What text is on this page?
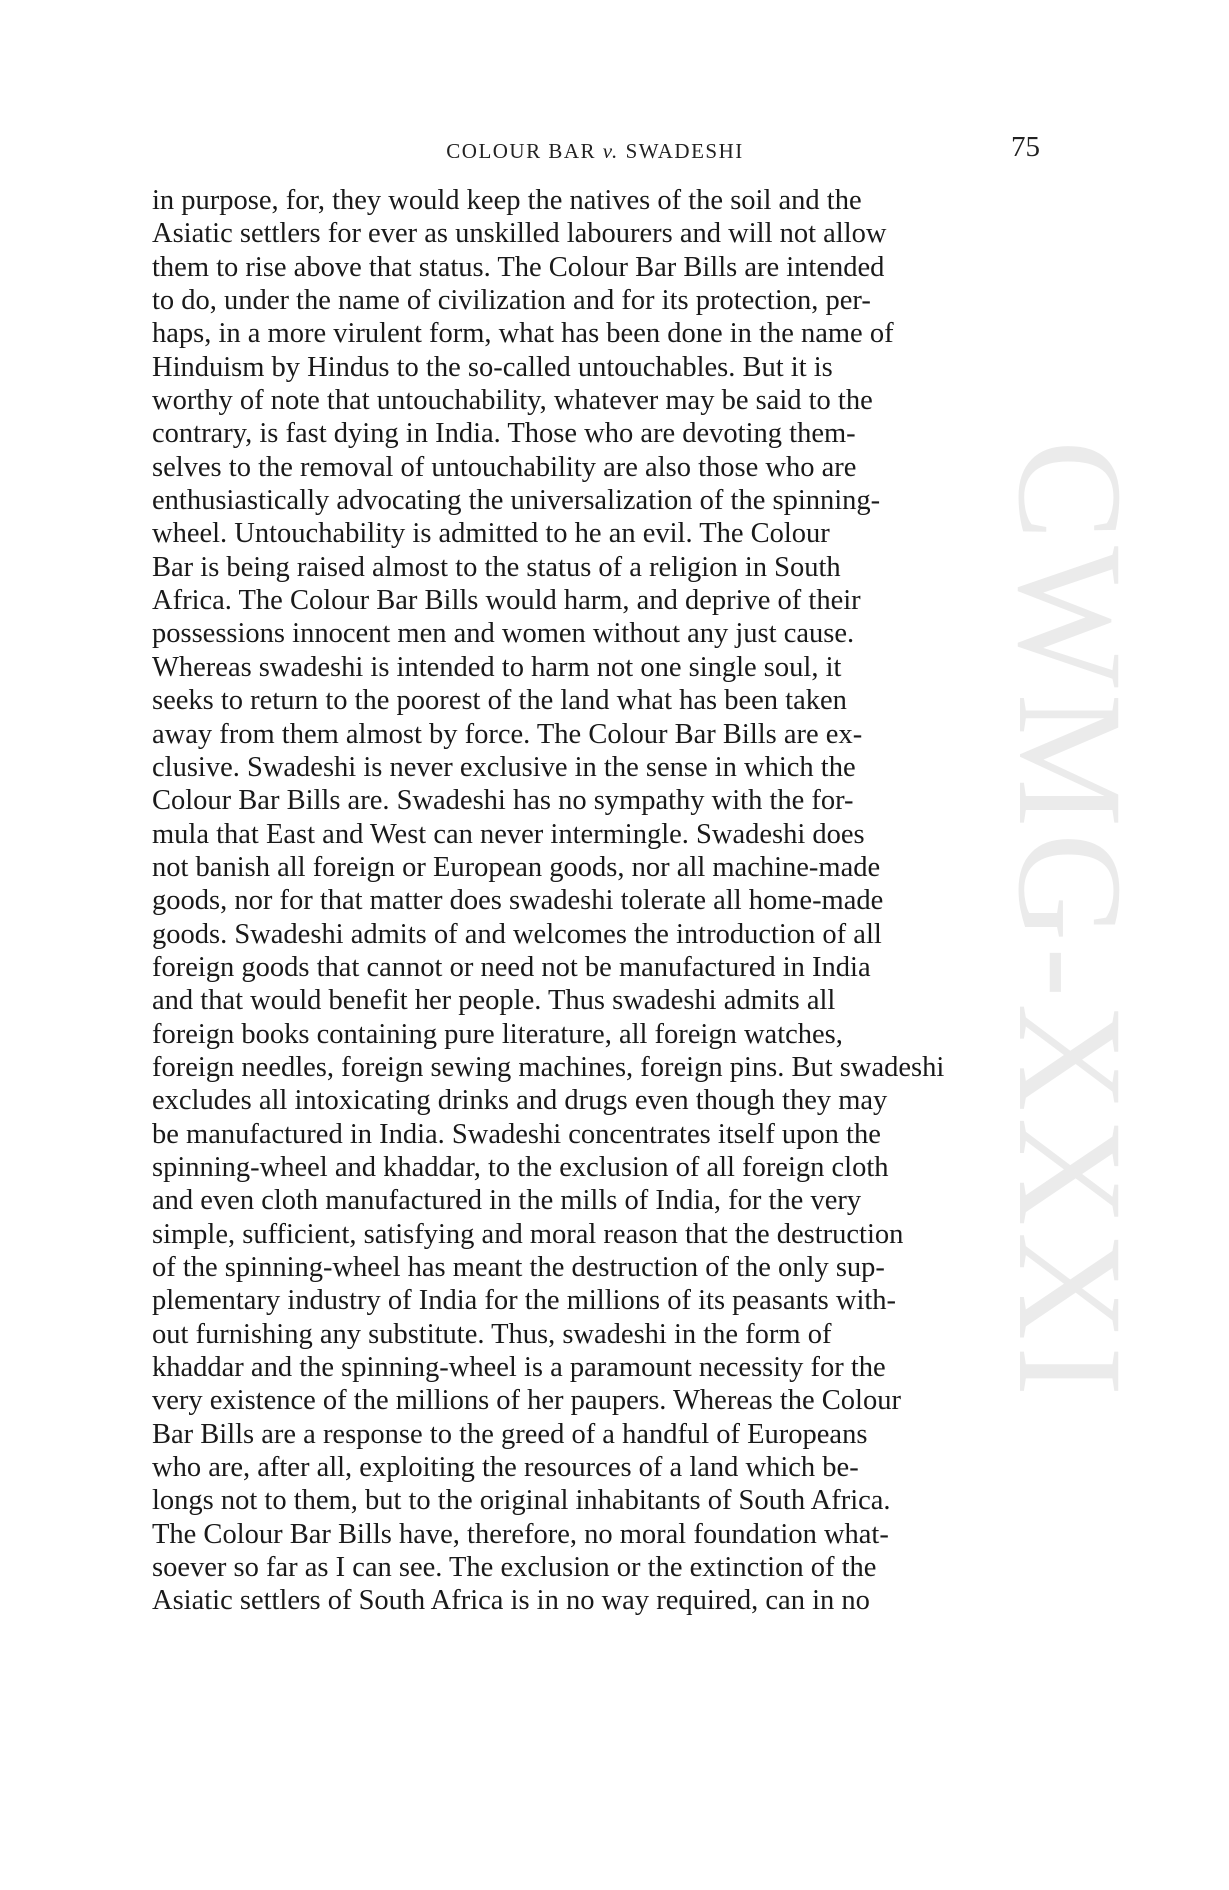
CWMG-XXXI
COLOUR BAR v. SWADESHI	75
in purpose, for, they would keep the natives of the soil and the
Asiatic settlers for ever as unskilled labourers and will not allow
them to rise above that status. The Colour Bar Bills are intended
to do, under the name of civilization and for its protection, per-
haps, in a more virulent form, what has been done in the name of
Hinduism by Hindus to the so-called untouchables. But it is
worthy of note that untouchability, whatever may be said to the
contrary, is fast dying in India. Those who are devoting them-
selves to the removal of untouchability are also those who are
enthusiastically advocating the universalization of the spinning-
wheel. Untouchability is admitted to he an evil. The Colour
Bar is being raised almost to the status of a religion in South
Africa. The Colour Bar Bills would harm, and deprive of their
possessions innocent men and women without any just cause.
Whereas swadeshi is intended to harm not one single soul, it
seeks to return to the poorest of the land what has been taken
away from them almost by force. The Colour Bar Bills are ex-
clusive. Swadeshi is never exclusive in the sense in which the
Colour Bar Bills are. Swadeshi has no sympathy with the for-
mula that East and West can never intermingle. Swadeshi does
not banish all foreign or European goods, nor all machine-made
goods, nor for that matter does swadeshi tolerate all home-made
goods. Swadeshi admits of and welcomes the introduction of all
foreign goods that cannot or need not be manufactured in India
and that would benefit her people. Thus swadeshi admits all
foreign books containing pure literature, all foreign watches,
foreign needles, foreign sewing machines, foreign pins. But swadeshi
excludes all intoxicating drinks and drugs even though they may
be manufactured in India. Swadeshi concentrates itself upon the
spinning-wheel and khaddar, to the exclusion of all foreign cloth
and even cloth manufactured in the mills of India, for the very
simple, sufficient, satisfying and moral reason that the destruction
of the spinning-wheel has meant the destruction of the only sup-
plementary industry of India for the millions of its peasants with-
out furnishing any substitute. Thus, swadeshi in the form of
khaddar and the spinning-wheel is a paramount necessity for the
very existence of the millions of her paupers. Whereas the Colour
Bar Bills are a response to the greed of a handful of Europeans
who are, after all, exploiting the resources of a land which be-
longs not to them, but to the original inhabitants of South Africa.
The Colour Bar Bills have, therefore, no moral foundation what-
soever so far as I can see. The exclusion or the extinction of the
Asiatic settlers of South Africa is in no way required, can in no
